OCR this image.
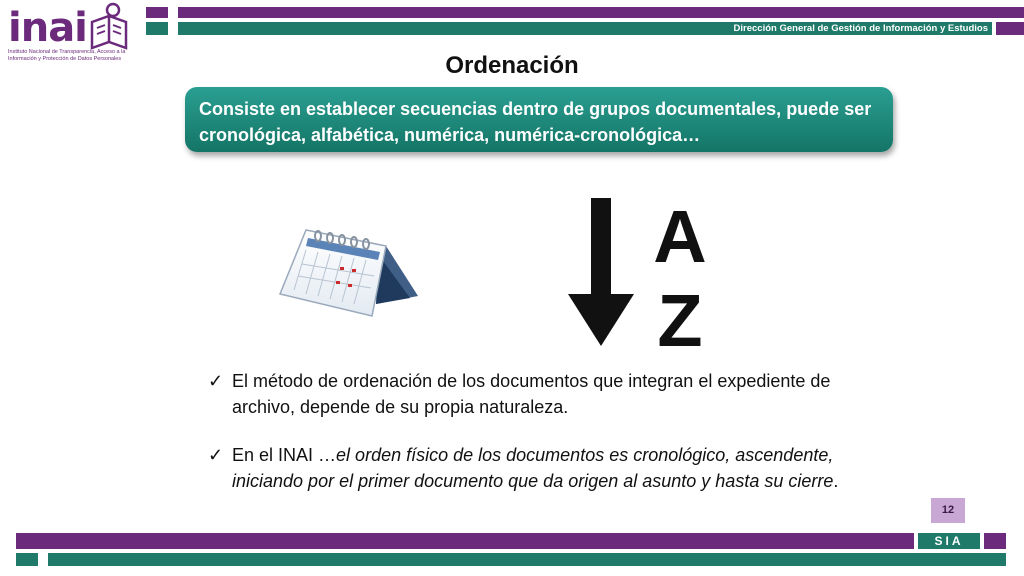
inai
Instituto Nacional de Transparencia, Acceso a la Información y Protección de Datos Personales
Dirección General de Gestión de Información y Estudios
Ordenación
Consiste en establecer secuencias dentro de grupos documentales, puede ser cronológica, alfabética, numérica, numérica-cronológica…
A
Z
✓ El método de ordenación de los documentos que integran el expediente de archivo, depende de su propia naturaleza.
✓ En el INAI …el orden físico de los documentos es cronológico, ascendente, iniciando por el primer documento que da origen al asunto y hasta su cierre.
12
SIA
